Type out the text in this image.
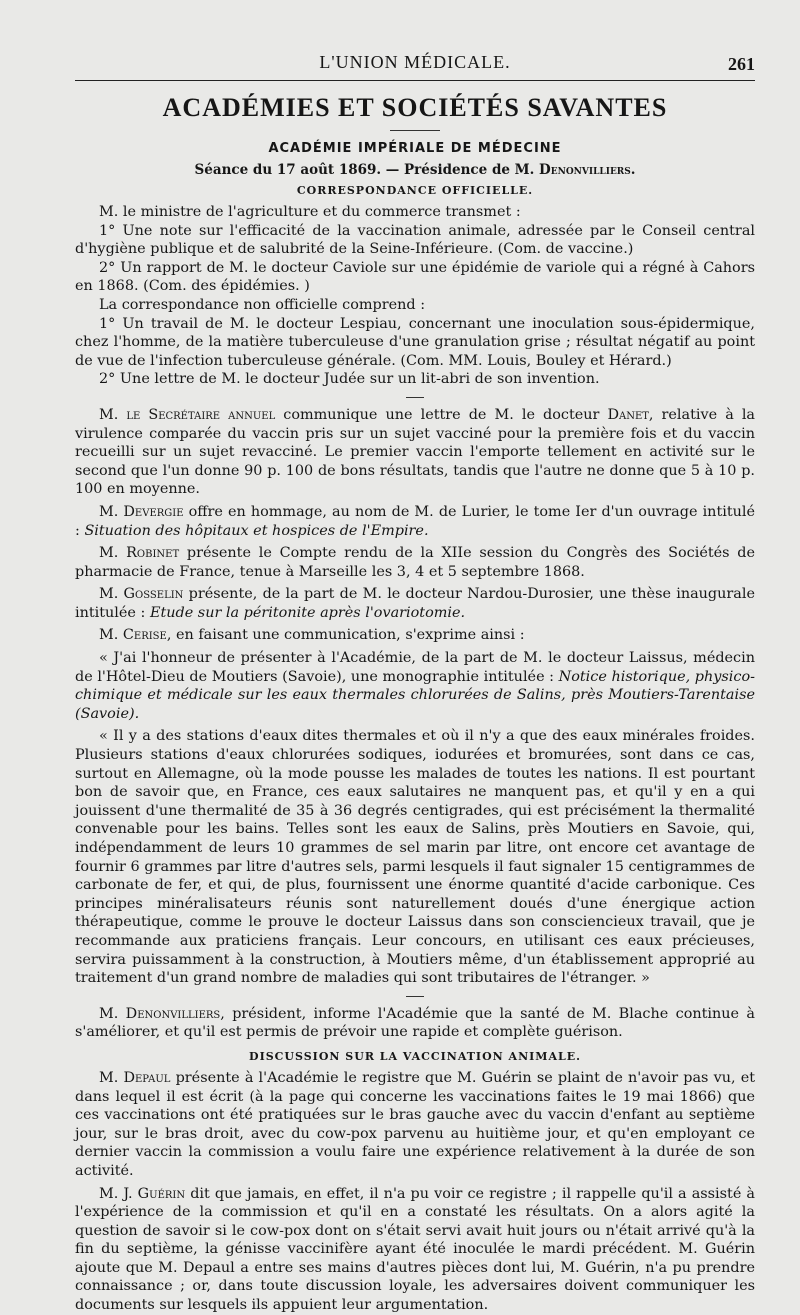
L'UNION MÉDICALE.	261
ACADÉMIES ET SOCIÉTÉS SAVANTES
ACADÉMIE IMPÉRIALE DE MÉDECINE
Séance du 17 août 1869. — Présidence de M. Denonvilliers.
CORRESPONDANCE OFFICIELLE.

M. le ministre de l'agriculture et du commerce transmet :

1° Une note sur l'efficacité de la vaccination animale, adressée par le Conseil central d'hygiène publique et de salubrité de la Seine-Inférieure. (Com. de vaccine.)

2° Un rapport de M. le docteur Caviole sur une épidémie de variole qui a régné à Cahors en 1868. (Com. des épidémies. )

La correspondance non officielle comprend :

1° Un travail de M. le docteur Lespiau, concernant une inoculation sous-épidermique, chez l'homme, de la matière tuberculeuse d'une granulation grise ; résultat négatif au point de vue de l'infection tuberculeuse générale. (Com. MM. Louis, Bouley et Hérard.)

2° Une lettre de M. le docteur Judée sur un lit-abri de son invention.

M. le Secrétaire annuel communique une lettre de M. le docteur Danet, relative à la virulence comparée du vaccin pris sur un sujet vacciné pour la première fois et du vaccin recueilli sur un sujet revacciné. Le premier vaccin l'emporte tellement en activité sur le second que l'un donne 90 p. 100 de bons résultats, tandis que l'autre ne donne que 5 à 10 p. 100 en moyenne.

M. Devergie offre en hommage, au nom de M. de Lurier, le tome Ier d'un ouvrage intitulé : Situation des hôpitaux et hospices de l'Empire.

M. Robinet présente le Compte rendu de la XIIe session du Congrès des Sociétés de pharmacie de France, tenue à Marseille les 3, 4 et 5 septembre 1868.

M. Gosselin présente, de la part de M. le docteur Nardou-Durosier, une thèse inaugurale intitulée : Etude sur la péritonite après l'ovariotomie.

M. Cerise, en faisant une communication, s'exprime ainsi :

« J'ai l'honneur de présenter à l'Académie, de la part de M. le docteur Laissus, médecin de l'Hôtel-Dieu de Moutiers (Savoie), une monographie intitulée : Notice historique, physico-chimique et médicale sur les eaux thermales chlorurées de Salins, près Moutiers-Tarentaise (Savoie).

« Il y a des stations d'eaux dites thermales et où il n'y a que des eaux minérales froides. Plusieurs stations d'eaux chlorurées sodiques, iodurées et bromurées, sont dans ce cas, surtout en Allemagne, où la mode pousse les malades de toutes les nations. Il est pourtant bon de savoir que, en France, ces eaux salutaires ne manquent pas, et qu'il y en a qui jouissent d'une thermalité de 35 à 36 degrés centigrades, qui est précisément la thermalité convenable pour les bains. Telles sont les eaux de Salins, près Moutiers en Savoie, qui, indépendamment de leurs 10 grammes de sel marin par litre, ont encore cet avantage de fournir 6 grammes par litre d'autres sels, parmi lesquels il faut signaler 15 centigrammes de carbonate de fer, et qui, de plus, fournissent une énorme quantité d'acide carbonique. Ces principes minéralisateurs réunis sont naturellement doués d'une énergique action thérapeutique, comme le prouve le docteur Laissus dans son consciencieux travail, que je recommande aux praticiens français. Leur concours, en utilisant ces eaux précieuses, servira puissamment à la construction, à Moutiers même, d'un établissement approprié au traitement d'un grand nombre de maladies qui sont tributaires de l'étranger. »

M. Denonvilliers, président, informe l'Académie que la santé de M. Blache continue à s'améliorer, et qu'il est permis de prévoir une rapide et complète guérison.

DISCUSSION SUR LA VACCINATION ANIMALE.

M. Depaul présente à l'Académie le registre que M. Guérin se plaint de n'avoir pas vu, et dans lequel il est écrit (à la page qui concerne les vaccinations faites le 19 mai 1866) que ces vaccinations ont été pratiquées sur le bras gauche avec du vaccin d'enfant au septième jour, sur le bras droit, avec du cow-pox parvenu au huitième jour, et qu'en employant ce dernier vaccin la commission a voulu faire une expérience relativement à la durée de son activité.

M. J. Guérin dit que jamais, en effet, il n'a pu voir ce registre ; il rappelle qu'il a assisté à l'expérience de la commission et qu'il en a constaté les résultats. On a alors agité la question de savoir si le cow-pox dont on s'était servi avait huit jours ou n'était arrivé qu'à la fin du septième, la génisse vaccinifère ayant été inoculée le mardi précédent. M. Guérin ajoute que M. Depaul a entre ses mains d'autres pièces dont lui, M. Guérin, n'a pu prendre connaissance ; or, dans toute discussion loyale, les adversaires doivent communiquer les documents sur lesquels ils appuient leur argumentation.
